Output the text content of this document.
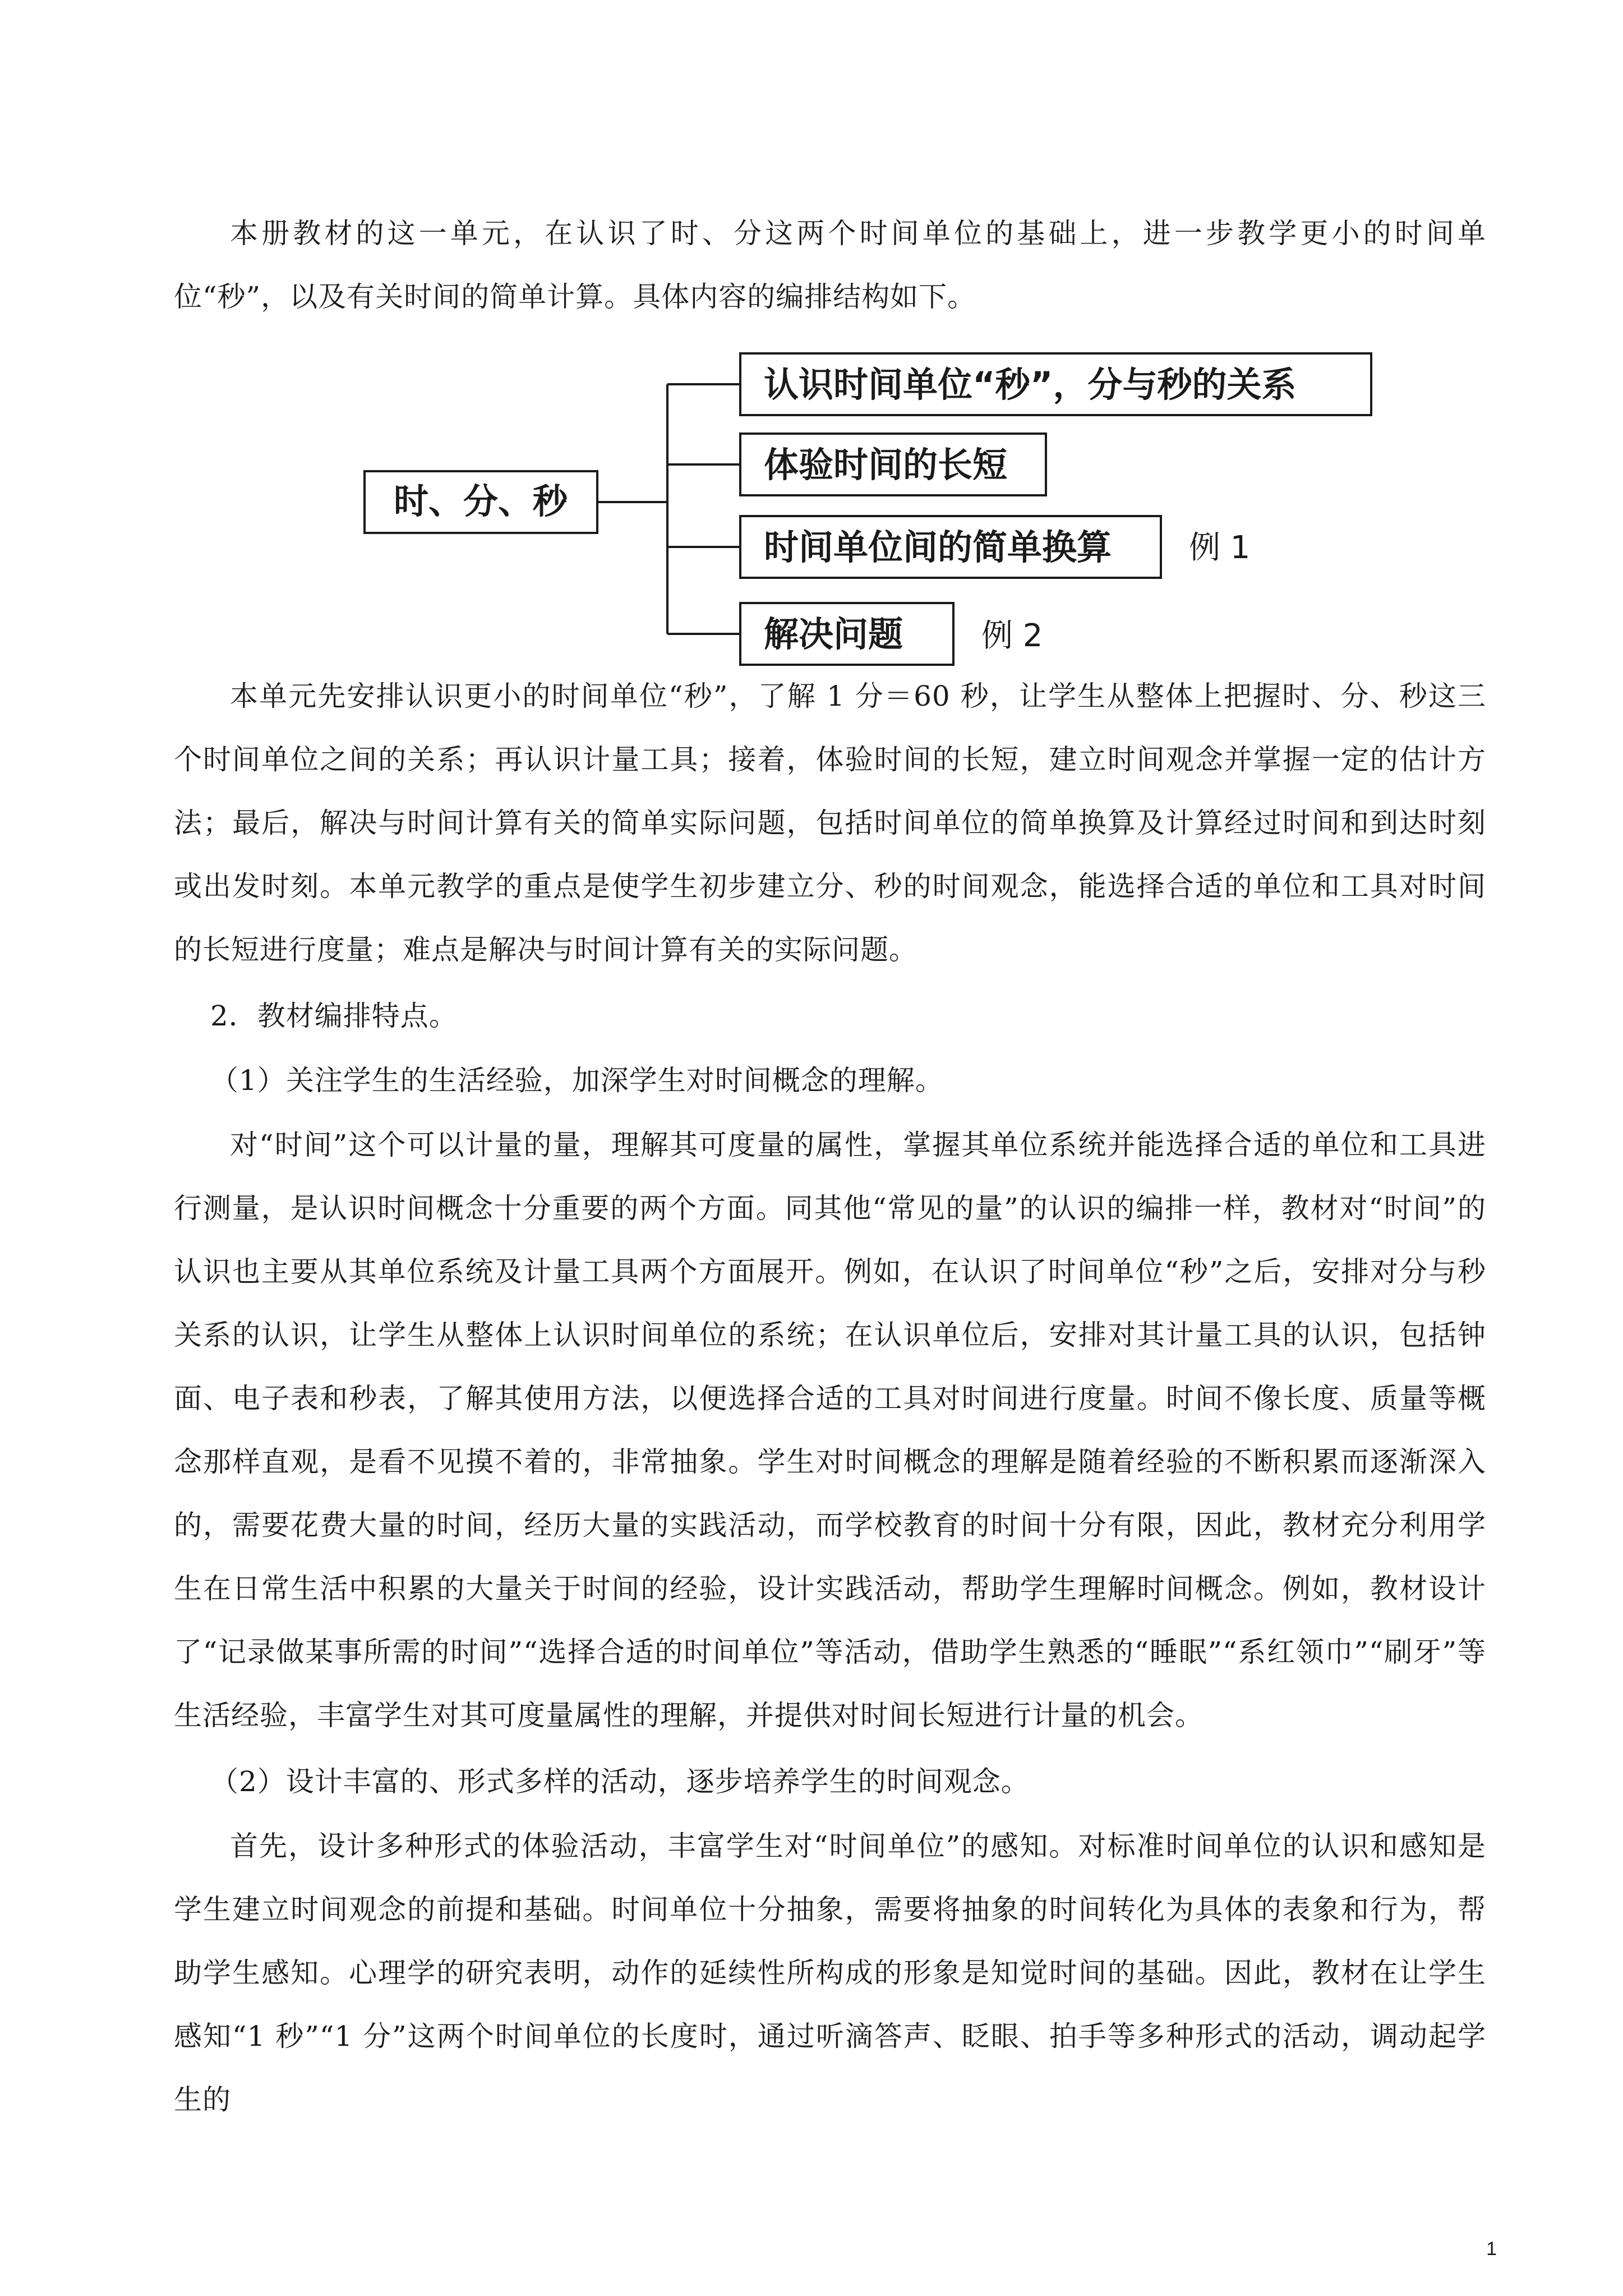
本册教材的这一单元，在认识了时、分这两个时间单位的基础上，进一步教学更小的时间单位“秒”，以及有关时间的简单计算。具体内容的编排结构如下。

时、分、秒
认识时间单位“秒”，分与秒的关系
体验时间的长短
时间单位间的简单换算 例 1
解决问题 例 2

本单元先安排认识更小的时间单位“秒”，了解 1 分＝60 秒，让学生从整体上把握时、分、秒这三个时间单位之间的关系；再认识计量工具；接着，体验时间的长短，建立时间观念并掌握一定的估计方法；最后，解决与时间计算有关的简单实际问题，包括时间单位的简单换算及计算经过时间和到达时刻或出发时刻。本单元教学的重点是使学生初步建立分、秒的时间观念，能选择合适的单位和工具对时间的长短进行度量；难点是解决与时间计算有关的实际问题。

2．教材编排特点。

（1）关注学生的生活经验，加深学生对时间概念的理解。

对“时间”这个可以计量的量，理解其可度量的属性，掌握其单位系统并能选择合适的单位和工具进行测量，是认识时间概念十分重要的两个方面。同其他“常见的量”的认识的编排一样，教材对“时间”的认识也主要从其单位系统及计量工具两个方面展开。例如，在认识了时间单位“秒”之后，安排对分与秒关系的认识，让学生从整体上认识时间单位的系统；在认识单位后，安排对其计量工具的认识，包括钟面、电子表和秒表，了解其使用方法，以便选择合适的工具对时间进行度量。时间不像长度、质量等概念那样直观，是看不见摸不着的，非常抽象。学生对时间概念的理解是随着经验的不断积累而逐渐深入的，需要花费大量的时间，经历大量的实践活动，而学校教育的时间十分有限，因此，教材充分利用学生在日常生活中积累的大量关于时间的经验，设计实践活动，帮助学生理解时间概念。例如，教材设计了“记录做某事所需的时间”“选择合适的时间单位”等活动，借助学生熟悉的“睡眠”“系红领巾”“刷牙”等生活经验，丰富学生对其可度量属性的理解，并提供对时间长短进行计量的机会。

（2）设计丰富的、形式多样的活动，逐步培养学生的时间观念。

首先，设计多种形式的体验活动，丰富学生对“时间单位”的感知。对标准时间单位的认识和感知是学生建立时间观念的前提和基础。时间单位十分抽象，需要将抽象的时间转化为具体的表象和行为，帮助学生感知。心理学的研究表明，动作的延续性所构成的形象是知觉时间的基础。因此，教材在让学生感知“1 秒”“1 分”这两个时间单位的长度时，通过听滴答声、眨眼、拍手等多种形式的活动，调动起学生的

1
